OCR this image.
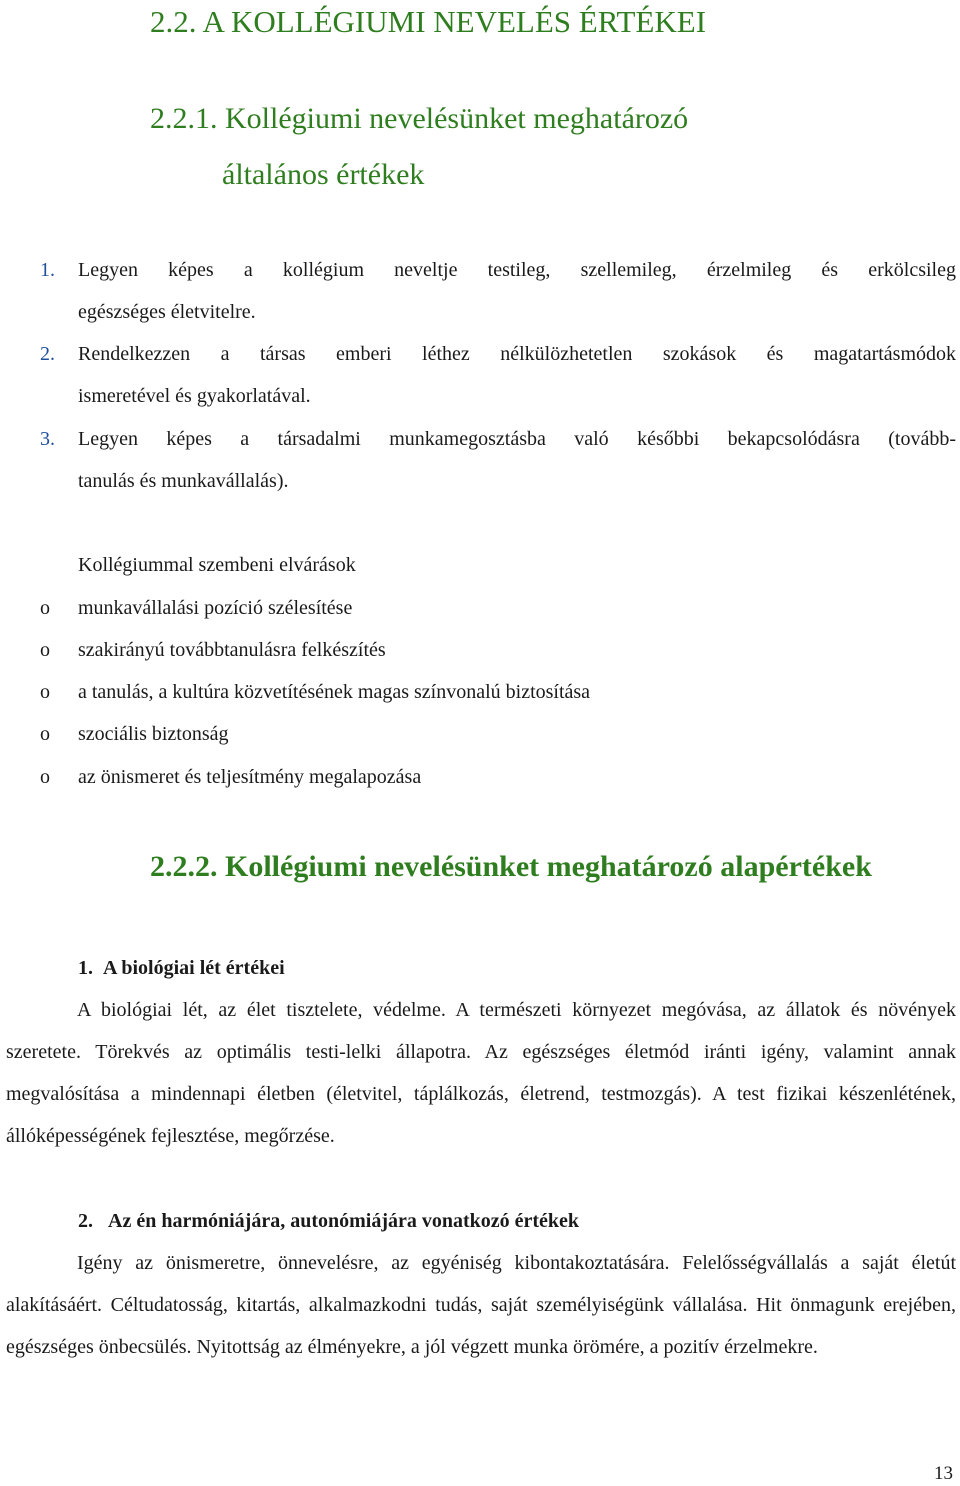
2.2. A KOLLÉGIUMI NEVELÉS ÉRTÉKEI
2.2.1. Kollégiumi nevelésünket meghatározó
általános értékek
1. Legyen képes a kollégium neveltje testileg, szellemileg, érzelmileg és erkölcsileg
egészséges életvitelre.
2. Rendelkezzen a társas emberi léthez nélkülözhetetlen szokások és magatartásmódok
ismeretével és gyakorlatával.
3. Legyen képes a társadalmi munkamegosztásba való későbbi bekapcsolódásra (tovább-
tanulás és munkavállalás).
Kollégiummal szembeni elvárások
o munkavállalási pozíció szélesítése
o szakirányú továbbtanulásra felkészítés
o a tanulás, a kultúra közvetítésének magas színvonalú biztosítása
o szociális biztonság
o az önismeret és teljesítmény megalapozása
2.2.2. Kollégiumi nevelésünket meghatározó alapértékek
1. A biológiai lét értékei
A biológiai lét, az élet tisztelete, védelme. A természeti környezet megóvása, az állatok és növények szeretete. Törekvés az optimális testi-lelki állapotra. Az egészséges életmód iránti igény, valamint annak megvalósítása a mindennapi életben (életvitel, táplálkozás, életrend, testmozgás). A test fizikai készenlétének, állóképességének fejlesztése, megőrzése.
2. Az én harmóniájára, autonómiájára vonatkozó értékek
Igény az önismeretre, önnevelésre, az egyéniség kibontakoztatására. Felelősségvállalás a saját életút alakításáért. Céltudatosság, kitartás, alkalmazkodni tudás, saját személyiségünk vállalása. Hit önmagunk erejében, egészséges önbecsülés. Nyitottság az élményekre, a jól végzett munka örömére, a pozitív érzelmekre.
13
